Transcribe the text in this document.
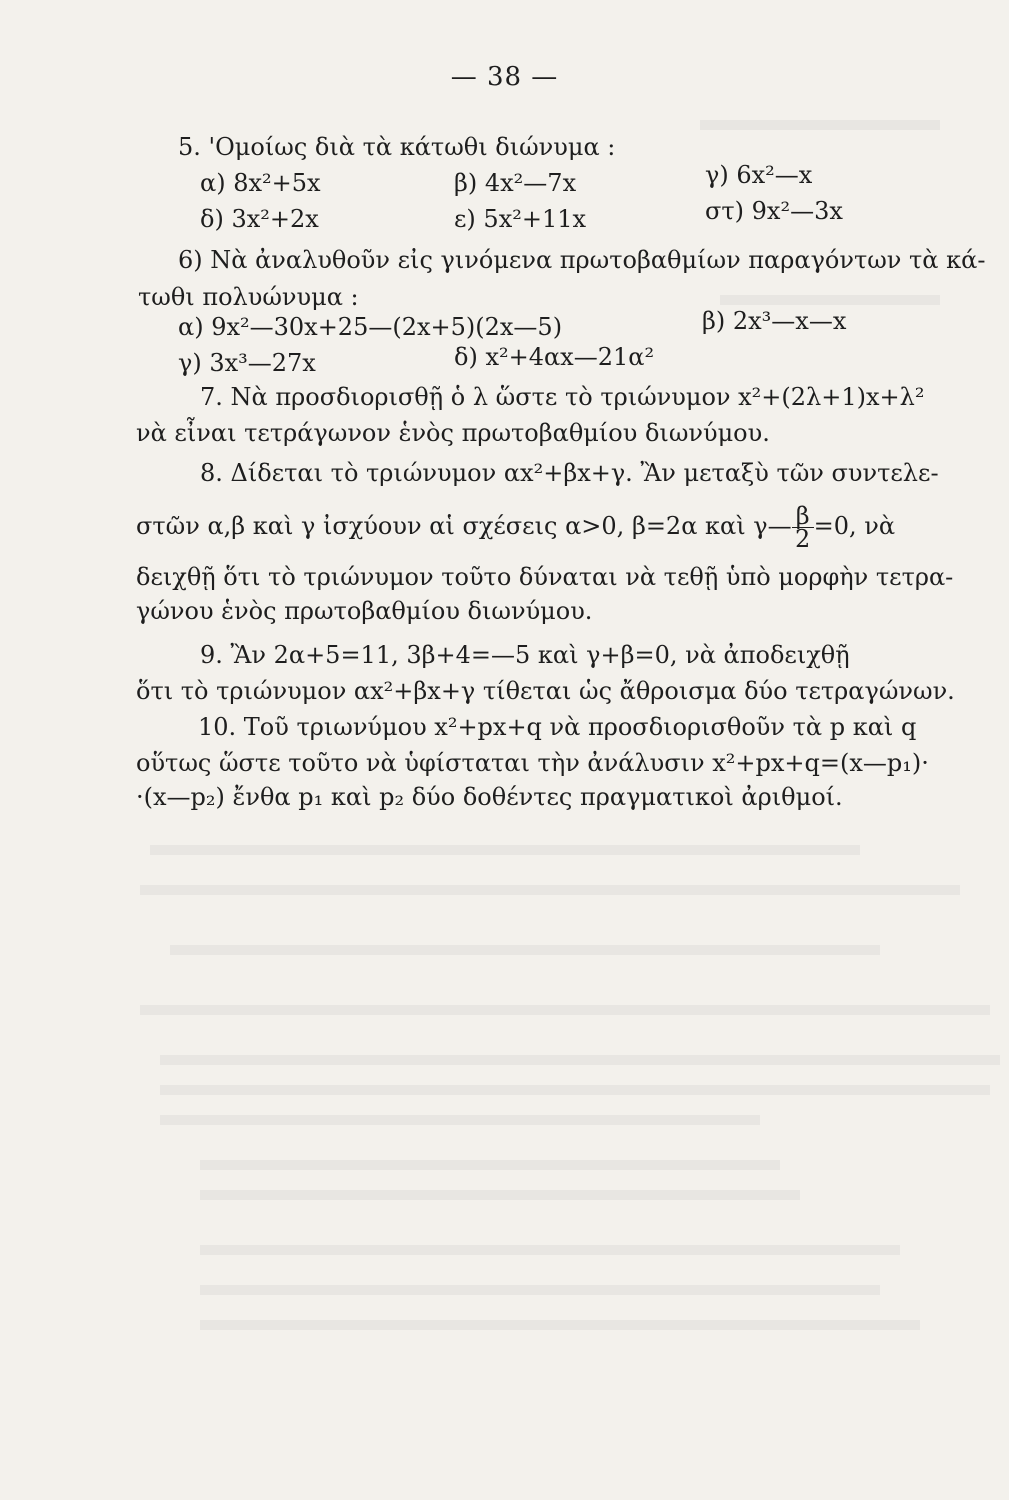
— 38 —
5. 'Ομοίως διὰ τὰ κάτωθι διώνυμα :
α) 8x²+5x	β) 4x²—7x	γ) 6x²—x
δ) 3x²+2x	ε) 5x²+11x	στ) 9x²—3x
6) Νὰ ἀναλυθοῦν εἰς γινόμενα πρωτοβαθμίων παραγόντων τὰ κά-
τωθι πολυώνυμα :
α) 9x²—30x+25—(2x+5)(2x—5)	β) 2x³—x—x
γ) 3x³—27x	δ) x²+4αx—21α²
7. Νὰ προσδιορισθῇ ὁ λ ὥστε τὸ τριώνυμον x²+(2λ+1)x+λ²
νὰ εἶναι τετράγωνον ἑνὸς πρωτοβαθμίου διωνύμου.
8. Δίδεται τὸ τριώνυμον αx²+βx+γ. Ἂν μεταξὺ τῶν συντελε-
στῶν α,β καὶ γ ἰσχύουν αἱ σχέσεις α>0, β=2α καὶ γ— $\frac{\beta}{2} =0$, νὰ
δειχθῇ ὅτι τὸ τριώνυμον τοῦτο δύναται νὰ τεθῇ ὑπὸ μορφὴν τετρα-
γώνου ἑνὸς πρωτοβαθμίου διωνύμου.
9. Ἂν 2α+5=11, 3β+4=—5 καὶ γ+β=0, νὰ ἀποδειχθῇ
ὅτι τὸ τριώνυμον αx²+βx+γ τίθεται ὡς ἄθροισμα δύο τετραγώνων.
10. Τοῦ τριωνύμου x²+px+q νὰ προσδιορισθοῦν τὰ p καὶ q
οὕτως ὥστε τοῦτο νὰ ὑφίσταται τὴν ἀνάλυσιν x²+px+q=(x—p₁)·
·(x—p₂) ἔνθα p₁ καὶ p₂ δύο δοθέντες πραγματικοὶ ἀριθμοί.
